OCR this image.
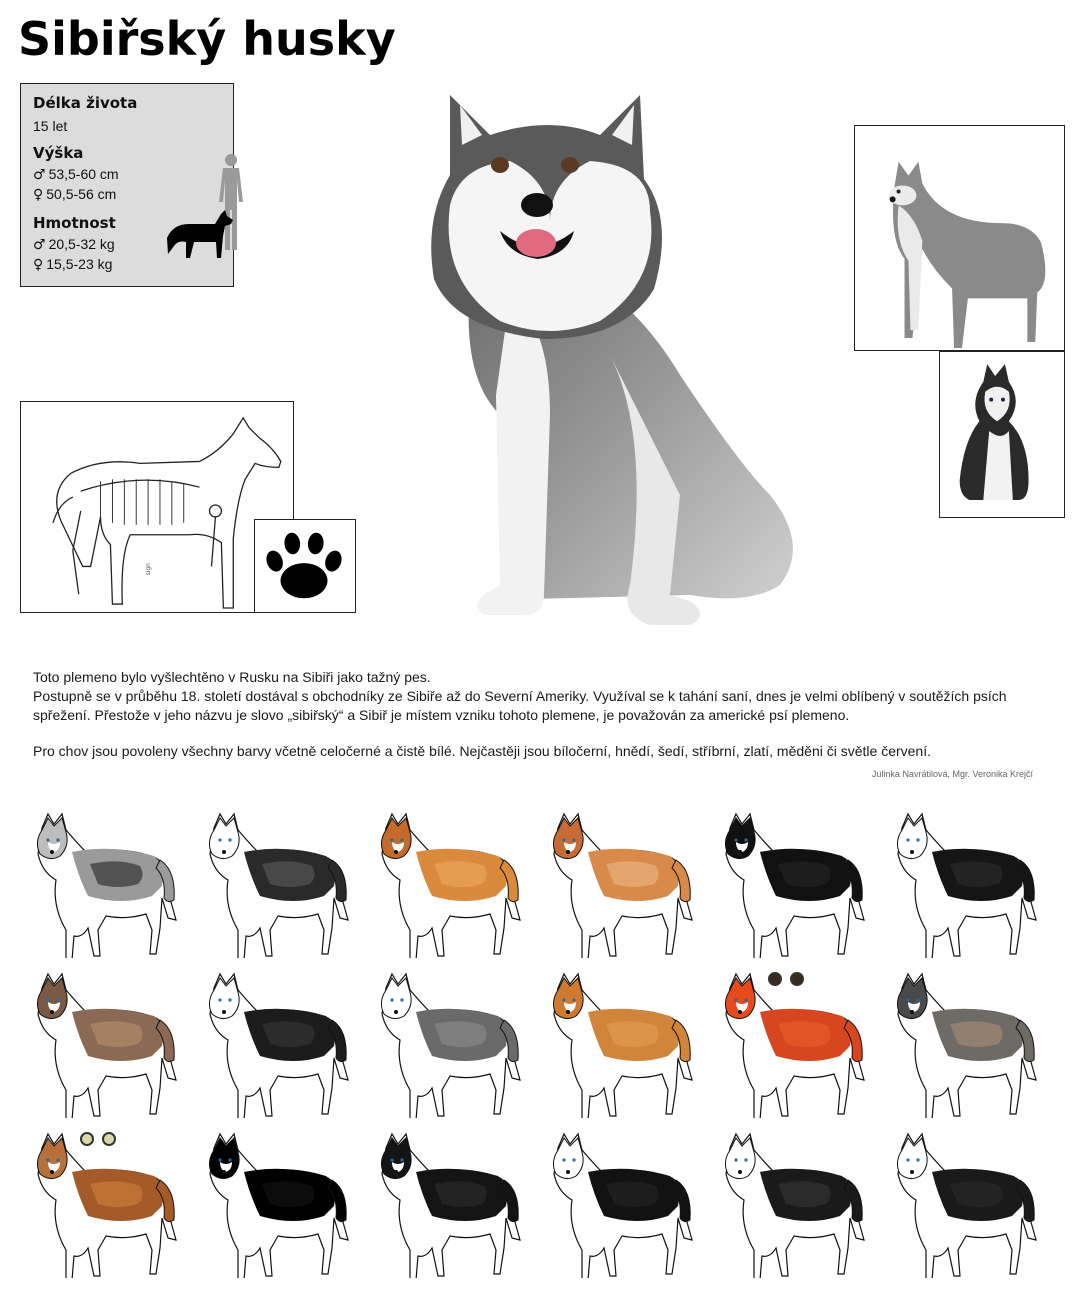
Sibiřský husky
Délka života
15 let
Výška
♂ 53,5-60 cm
♀ 50,5-56 cm
Hmotnost
♂ 20,5-32 kg
♀ 15,5-23 kg
sign
Toto plemeno bylo vyšlechtěno v Rusku na Sibiři jako tažný pes.
Postupně se v průběhu 18. století dostával s obchodníky ze Sibiře až do Severní Ameriky. Využíval se k tahání saní, dnes je velmi oblíbený v soutěžích psích spřežení. Přestože v jeho názvu je slovo „sibiřský“ a Sibiř je místem vzniku tohoto plemene, je považován za americké psí plemeno.
Pro chov jsou povoleny všechny barvy včetně celočerné a čistě bílé. Nejčastěji jsou bíločerní, hnědí, šedí, stříbrní, zlatí, měděni či světle červení.
Julinka Navrátilová, Mgr. Veronika Krejčí
